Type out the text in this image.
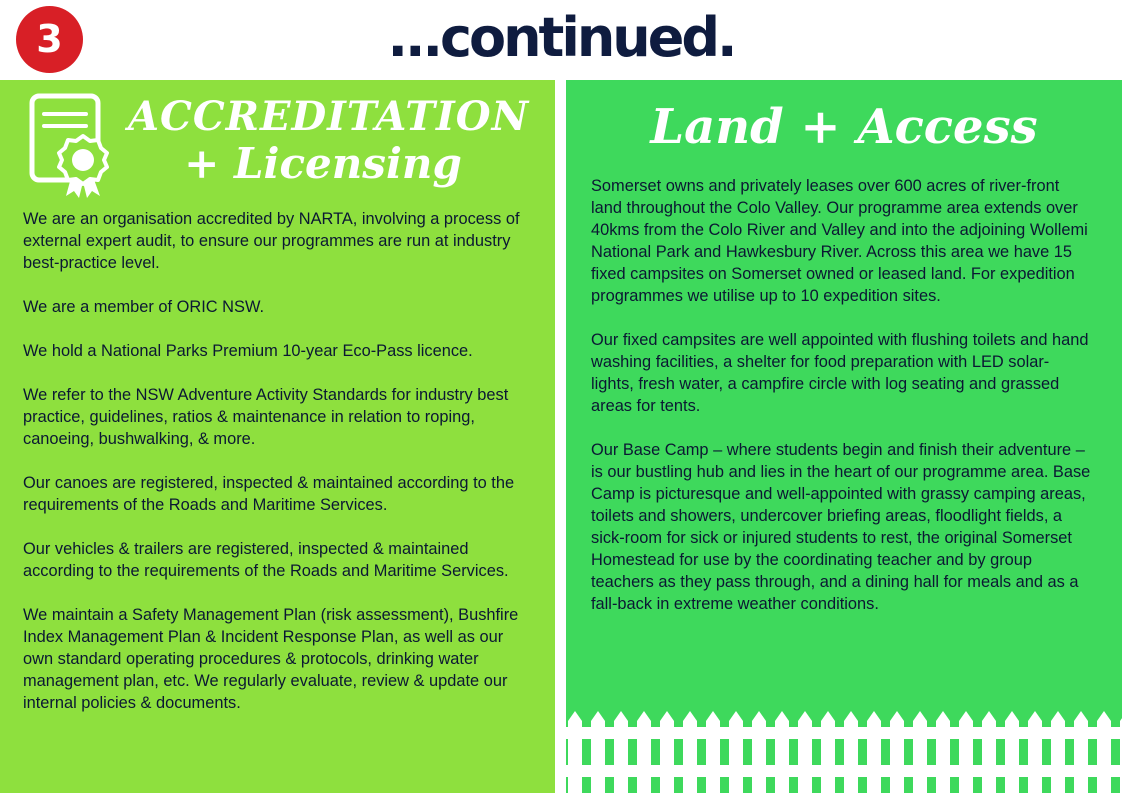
3	...continued.
ACCREDITATION
+ Licensing

We are an organisation accredited by NARTA, involving a process of external expert audit, to ensure our programmes are run at industry best-practice level.

We are a member of ORIC NSW.

We hold a National Parks Premium 10-year Eco-Pass licence.

We refer to the NSW Adventure Activity Standards for industry best practice, guidelines, ratios & maintenance in relation to roping, canoeing, bushwalking, & more.

Our canoes are registered, inspected & maintained according to the requirements of the Roads and Maritime Services.

Our vehicles & trailers are registered, inspected & maintained according to the requirements of the Roads and Maritime Services.

We maintain a Safety Management Plan (risk assessment), Bushfire Index Management Plan & Incident Response Plan, as well as our own standard operating procedures & protocols, drinking water management plan, etc. We regularly evaluate, review & update our internal policies & documents.

Land + Access

Somerset owns and privately leases over 600 acres of river-front land throughout the Colo Valley. Our programme area extends over 40kms from the Colo River and Valley and into the adjoining Wollemi National Park and Hawkesbury River. Across this area we have 15 fixed campsites on Somerset owned or leased land. For expedition programmes we utilise up to 10 expedition sites.

Our fixed campsites are well appointed with flushing toilets and hand washing facilities, a shelter for food preparation with LED solar-lights, fresh water, a campfire circle with log seating and grassed areas for tents.

Our Base Camp – where students begin and finish their adventure – is our bustling hub and lies in the heart of our programme area. Base Camp is picturesque and well-appointed with grassy camping areas, toilets and showers, undercover briefing areas, floodlight fields, a sick-room for sick or injured students to rest, the original Somerset Homestead for use by the coordinating teacher and by group teachers as they pass through, and a dining hall for meals and as a fall-back in extreme weather conditions.
